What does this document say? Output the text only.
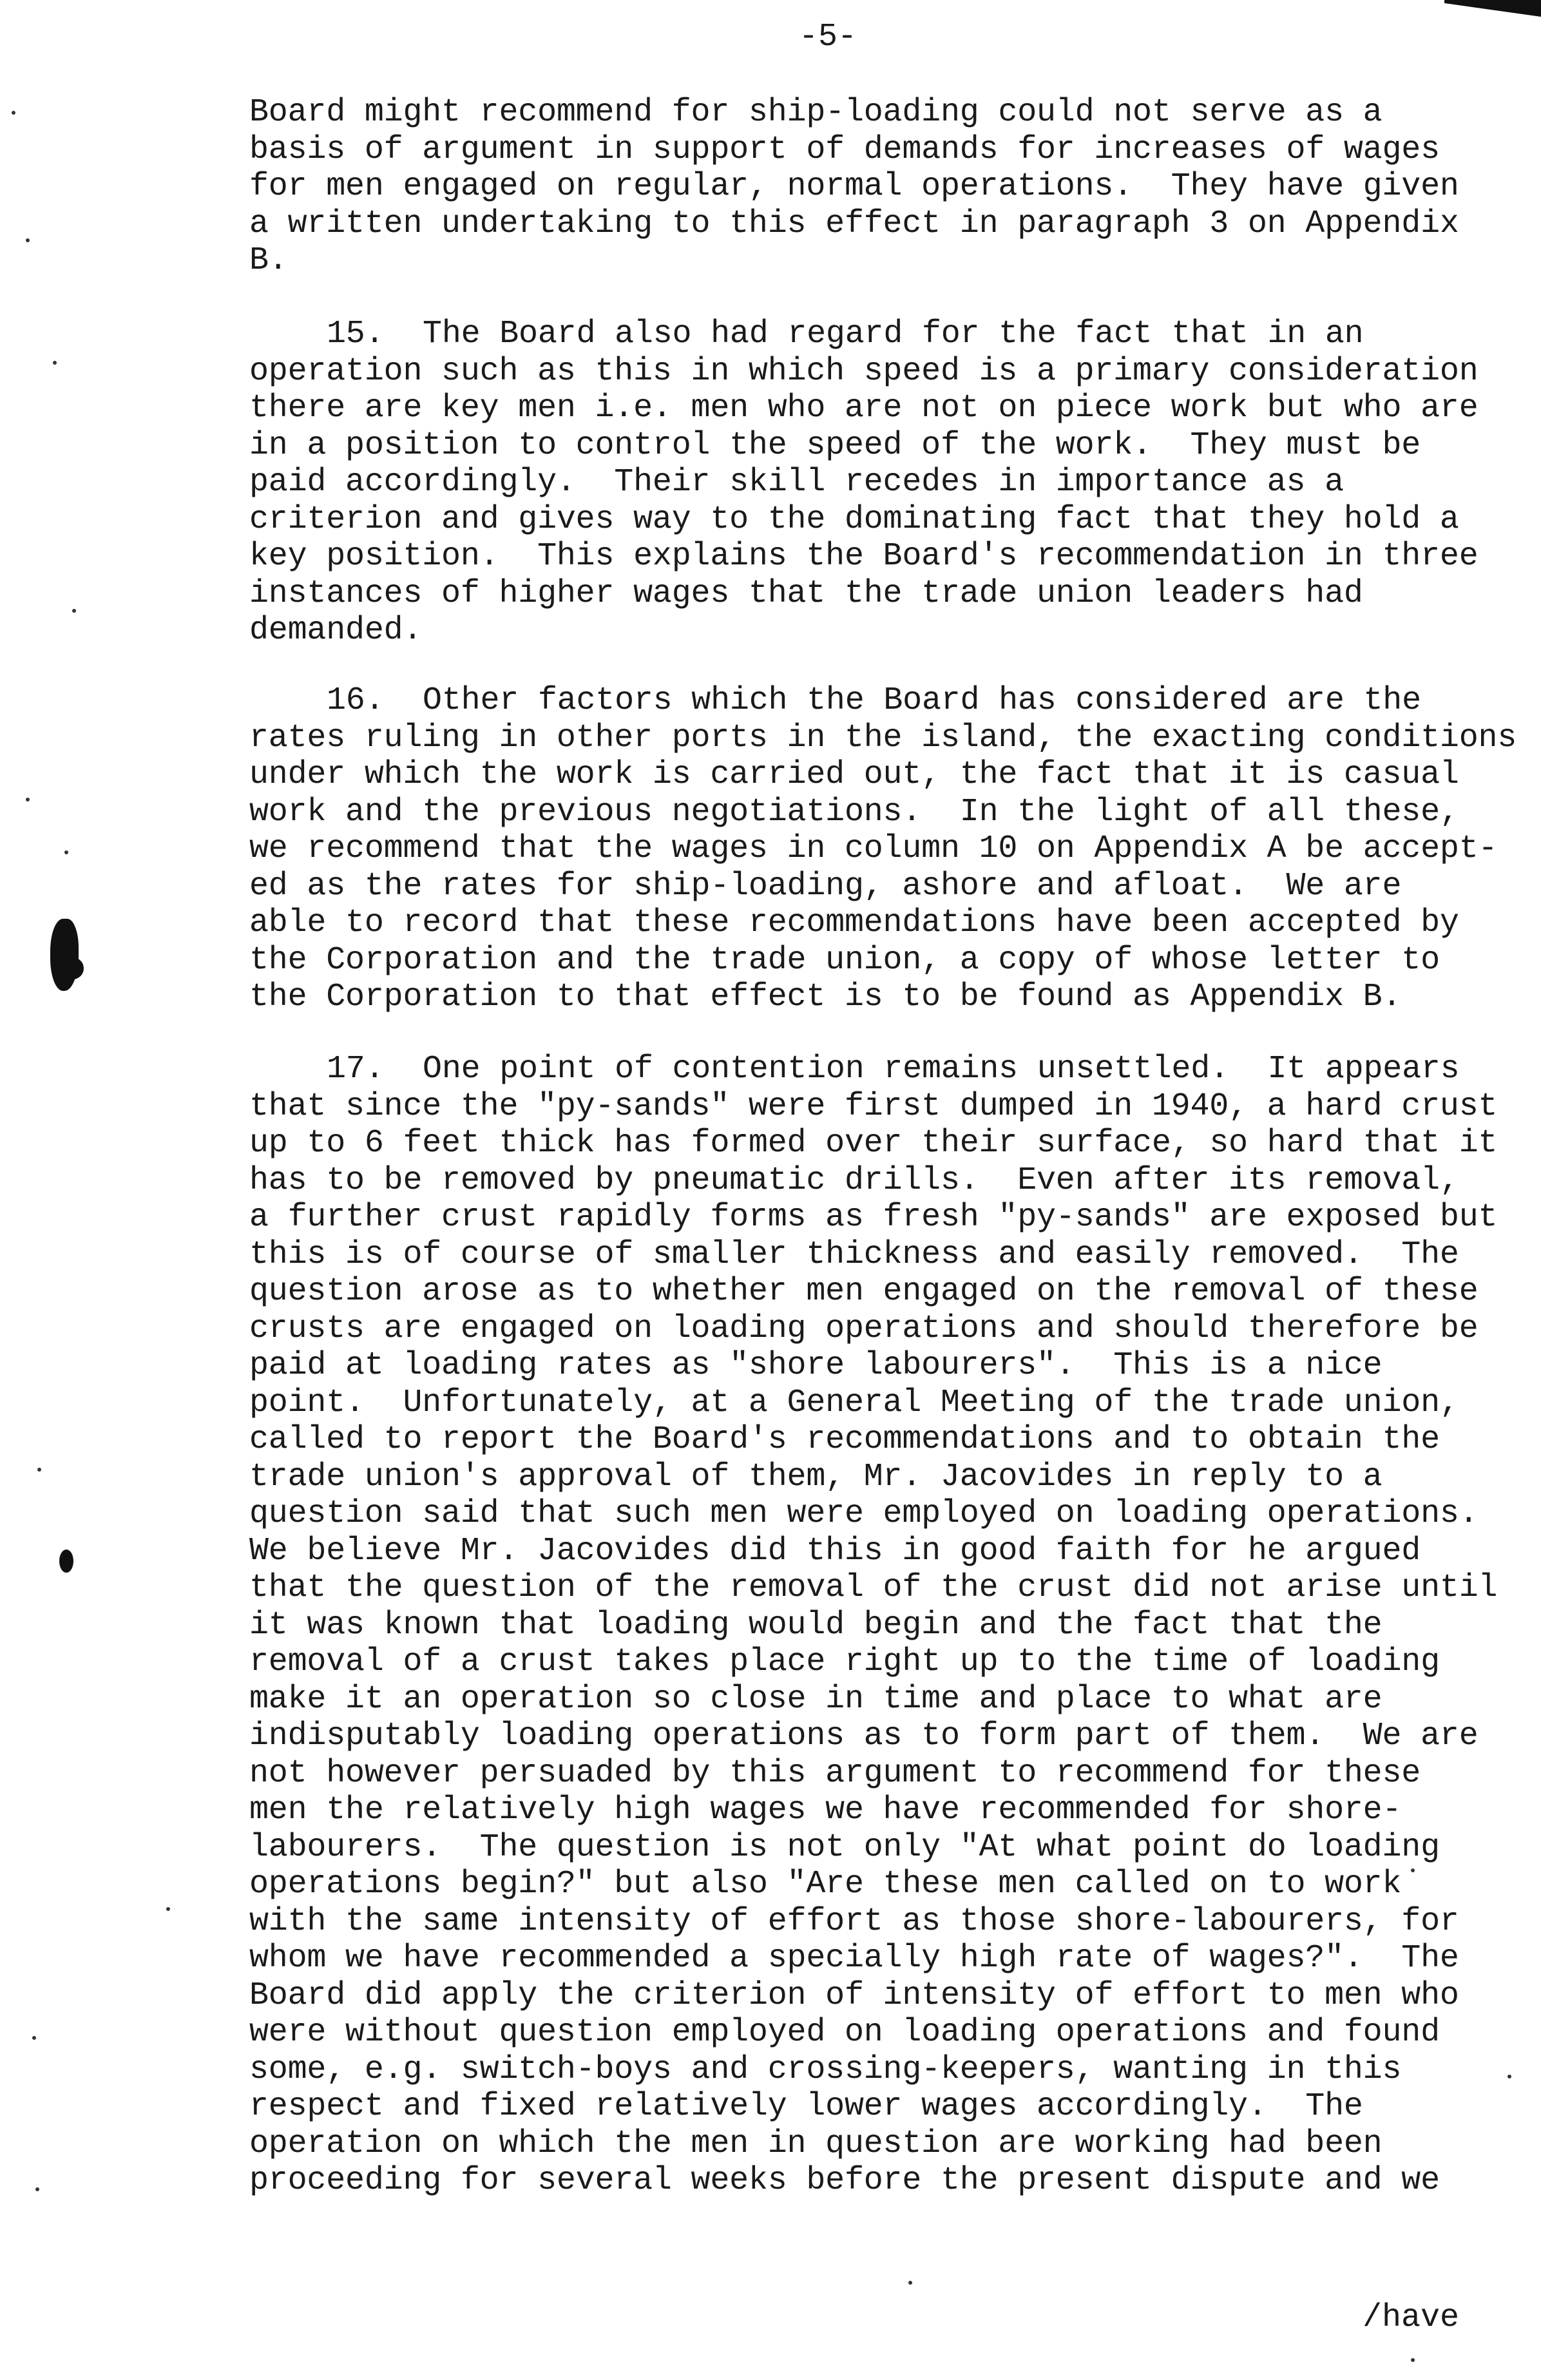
-5-
Board might recommend for ship-loading could not serve as a
basis of argument in support of demands for increases of wages
for men engaged on regular, normal operations.  They have given
a written undertaking to this effect in paragraph 3 on Appendix
B.
15.  The Board also had regard for the fact that in an
operation such as this in which speed is a primary consideration
there are key men i.e. men who are not on piece work but who are
in a position to control the speed of the work.  They must be
paid accordingly.  Their skill recedes in importance as a
criterion and gives way to the dominating fact that they hold a
key position.  This explains the Board's recommendation in three
instances of higher wages that the trade union leaders had
demanded.
16.  Other factors which the Board has considered are the
rates ruling in other ports in the island, the exacting conditions
under which the work is carried out, the fact that it is casual
work and the previous negotiations.  In the light of all these,
we recommend that the wages in column 10 on Appendix A be accept-
ed as the rates for ship-loading, ashore and afloat.  We are
able to record that these recommendations have been accepted by
the Corporation and the trade union, a copy of whose letter to
the Corporation to that effect is to be found as Appendix B.
17.  One point of contention remains unsettled.  It appears
that since the "py-sands" were first dumped in 1940, a hard crust
up to 6 feet thick has formed over their surface, so hard that it
has to be removed by pneumatic drills.  Even after its removal,
a further crust rapidly forms as fresh "py-sands" are exposed but
this is of course of smaller thickness and easily removed.  The
question arose as to whether men engaged on the removal of these
crusts are engaged on loading operations and should therefore be
paid at loading rates as "shore labourers".  This is a nice
point.  Unfortunately, at a General Meeting of the trade union,
called to report the Board's recommendations and to obtain the
trade union's approval of them, Mr. Jacovides in reply to a
question said that such men were employed on loading operations.
We believe Mr. Jacovides did this in good faith for he argued
that the question of the removal of the crust did not arise until
it was known that loading would begin and the fact that the
removal of a crust takes place right up to the time of loading
make it an operation so close in time and place to what are
indisputably loading operations as to form part of them.  We are
not however persuaded by this argument to recommend for these
men the relatively high wages we have recommended for shore-
labourers.  The question is not only "At what point do loading
operations begin?" but also "Are these men called on to work
with the same intensity of effort as those shore-labourers, for
whom we have recommended a specially high rate of wages?".  The
Board did apply the criterion of intensity of effort to men who
were without question employed on loading operations and found
some, e.g. switch-boys and crossing-keepers, wanting in this
respect and fixed relatively lower wages accordingly.  The
operation on which the men in question are working had been
proceeding for several weeks before the present dispute and we
/have
